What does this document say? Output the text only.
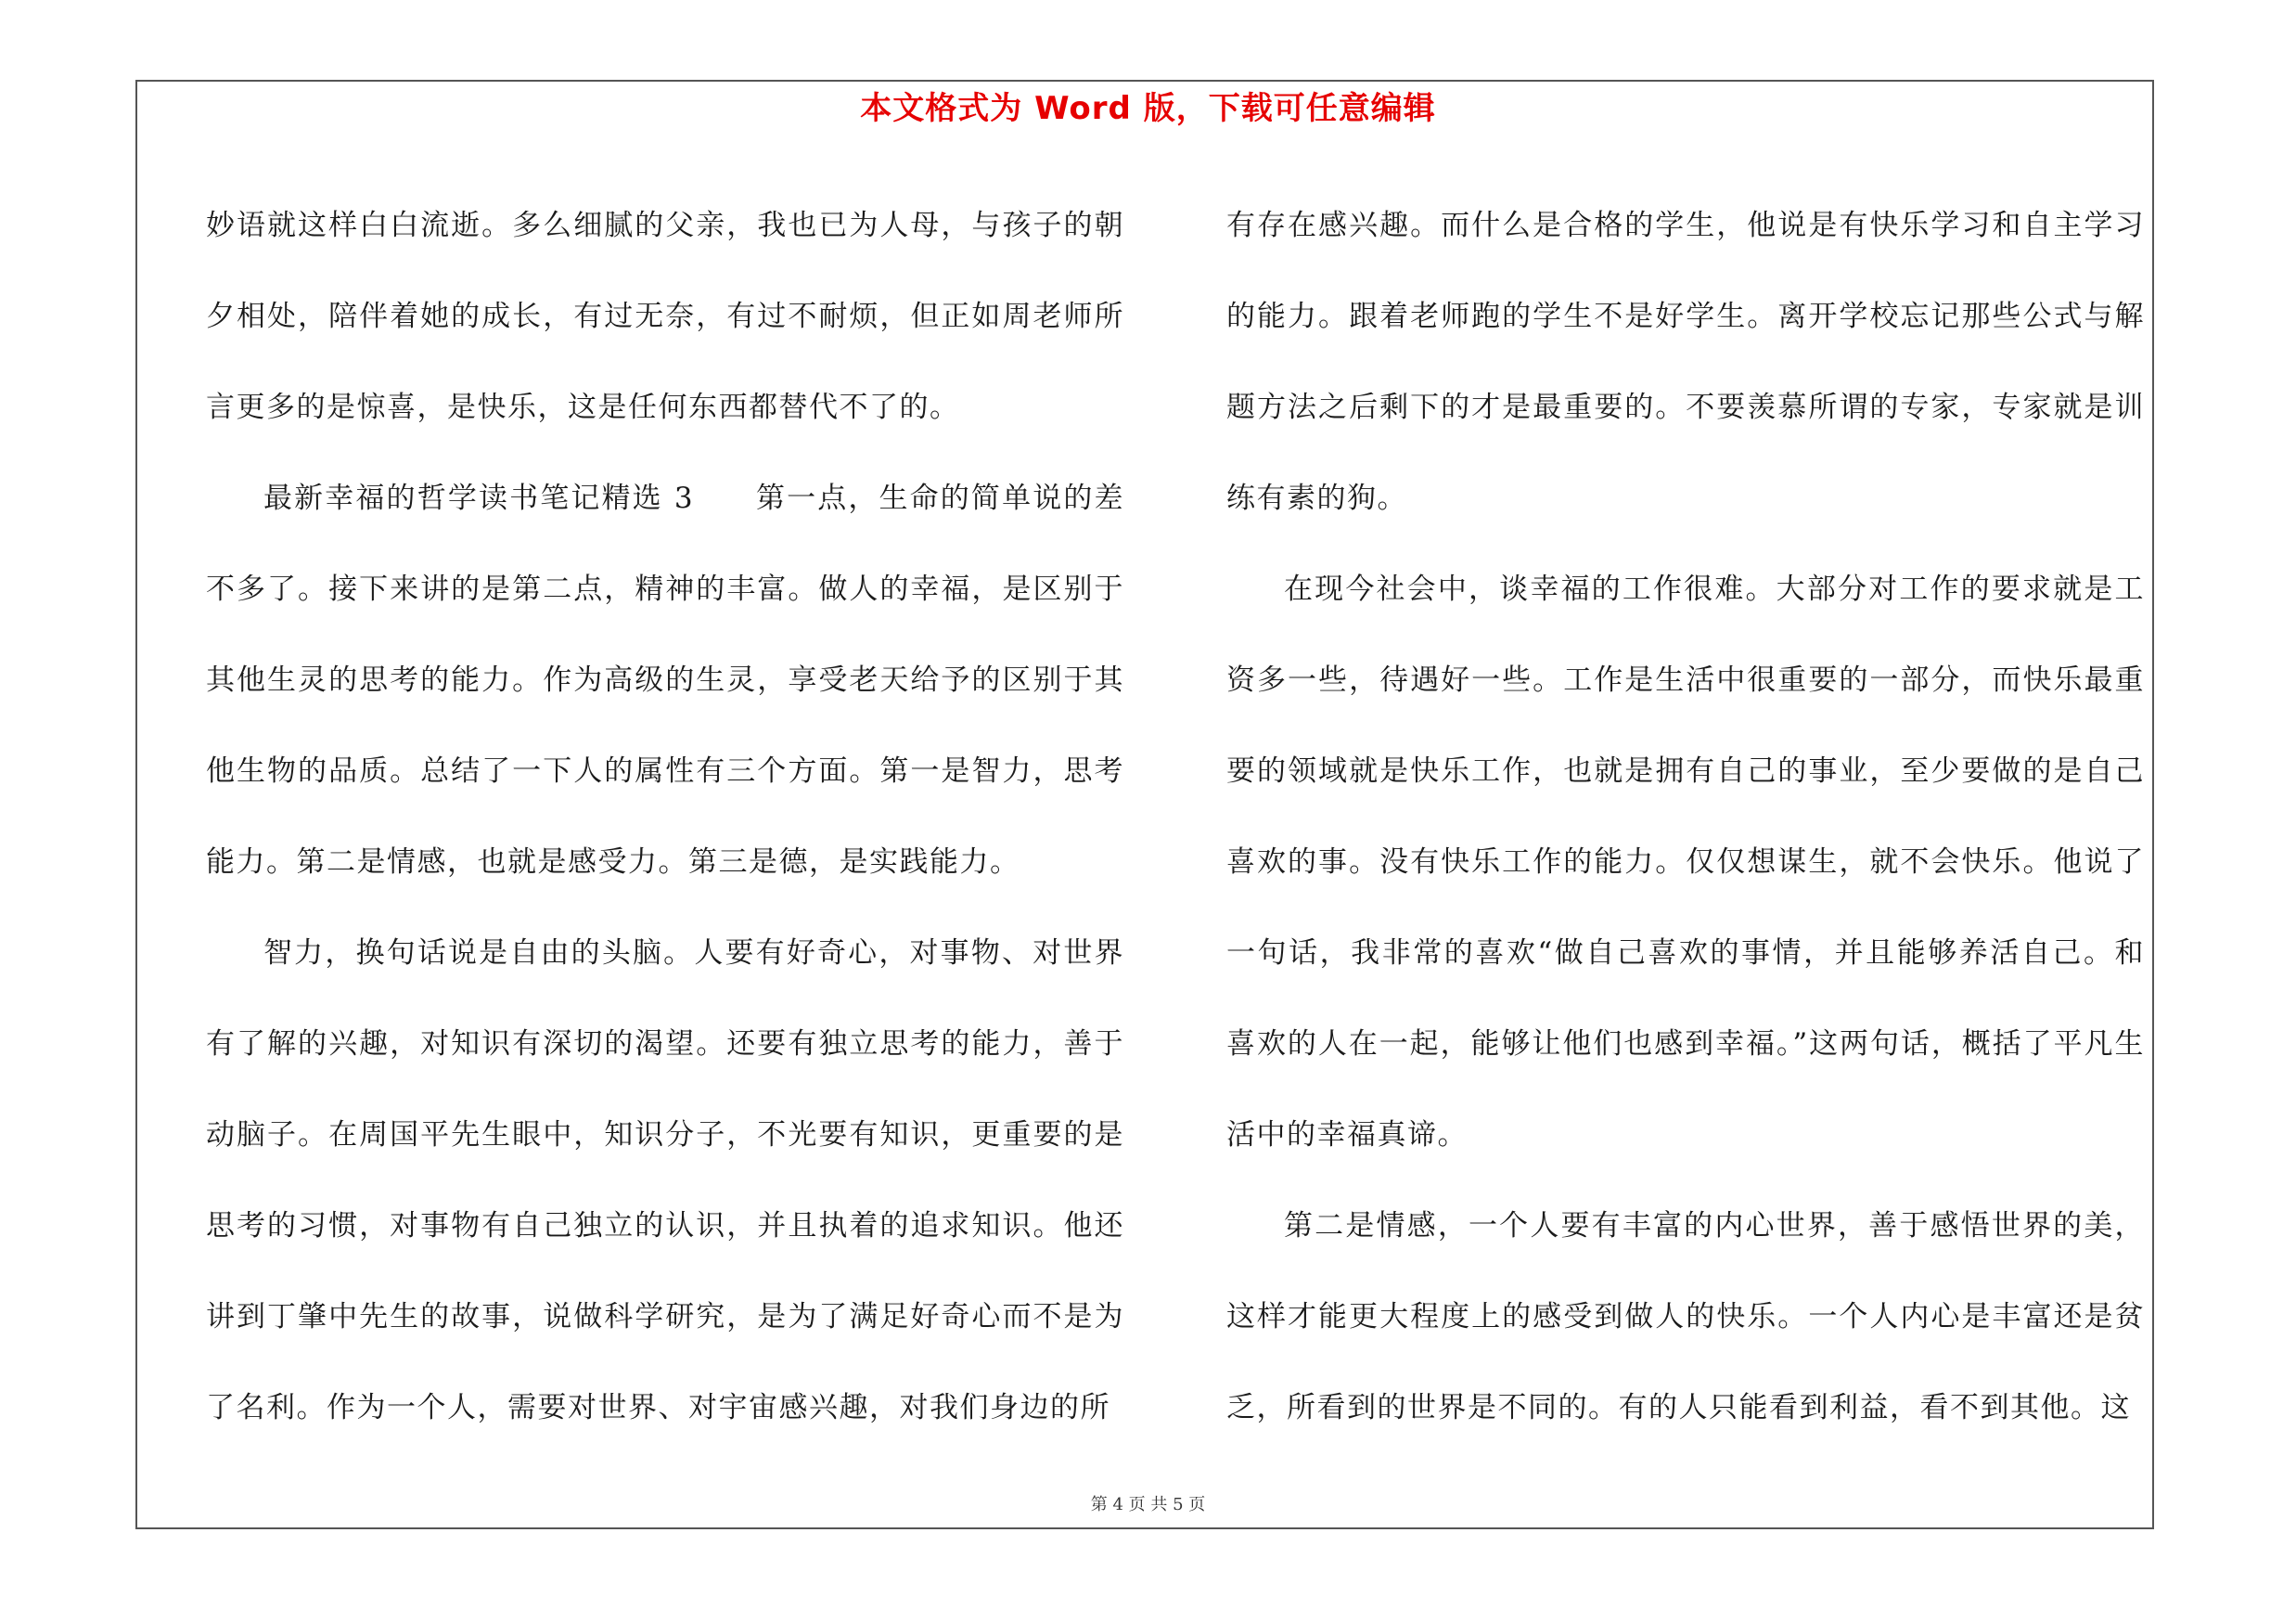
本文格式为 Word 版，下载可任意编辑

妙语就这样白白流逝。多么细腻的父亲，我也已为人母，与孩子的朝夕相处，陪伴着她的成长，有过无奈，有过不耐烦，但正如周老师所言更多的是惊喜，是快乐，这是任何东西都替代不了的。

最新幸福的哲学读书笔记精选 3　　第一点，生命的简单说的差不多了。接下来讲的是第二点，精神的丰富。做人的幸福，是区别于其他生灵的思考的能力。作为高级的生灵，享受老天给予的区别于其他生物的品质。总结了一下人的属性有三个方面。第一是智力，思考能力。第二是情感，也就是感受力。第三是德，是实践能力。

智力，换句话说是自由的头脑。人要有好奇心，对事物、对世界有了解的兴趣，对知识有深切的渴望。还要有独立思考的能力，善于动脑子。在周国平先生眼中，知识分子，不光要有知识，更重要的是思考的习惯，对事物有自己独立的认识，并且执着的追求知识。他还讲到丁肇中先生的故事，说做科学研究，是为了满足好奇心而不是为了名利。作为一个人，需要对世界、对宇宙感兴趣，对我们身边的所

有存在感兴趣。而什么是合格的学生，他说是有快乐学习和自主学习的能力。跟着老师跑的学生不是好学生。离开学校忘记那些公式与解题方法之后剩下的才是最重要的。不要羡慕所谓的专家，专家就是训练有素的狗。

在现今社会中，谈幸福的工作很难。大部分对工作的要求就是工资多一些，待遇好一些。工作是生活中很重要的一部分，而快乐最重要的领域就是快乐工作，也就是拥有自己的事业，至少要做的是自己喜欢的事。没有快乐工作的能力。仅仅想谋生，就不会快乐。他说了一句话，我非常的喜欢“做自己喜欢的事情，并且能够养活自己。和喜欢的人在一起，能够让他们也感到幸福。”这两句话，概括了平凡生活中的幸福真谛。

第二是情感，一个人要有丰富的内心世界，善于感悟世界的美，这样才能更大程度上的感受到做人的快乐。一个人内心是丰富还是贫乏，所看到的世界是不同的。有的人只能看到利益，看不到其他。这

第 4 页 共 5 页
